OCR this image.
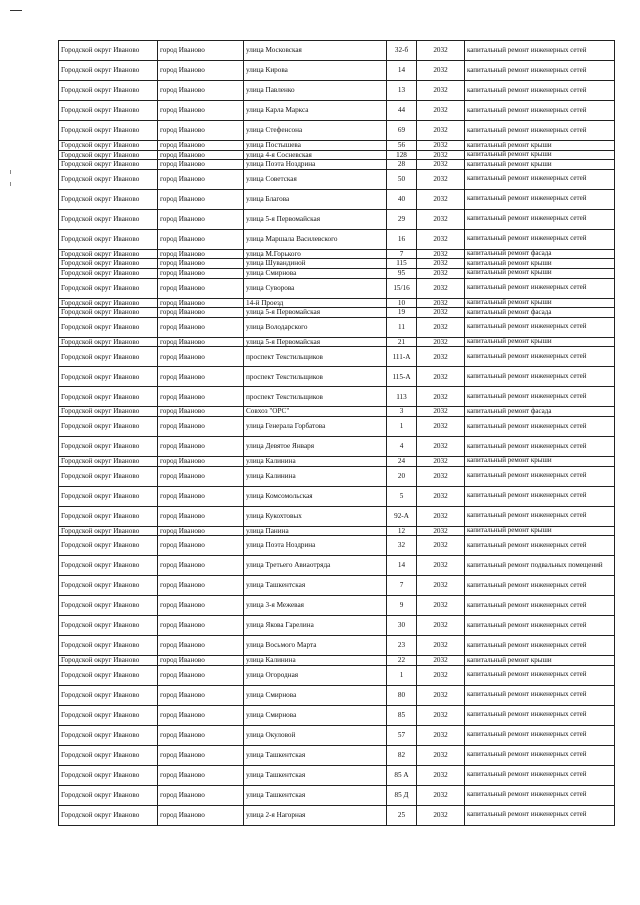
Городской округ Иваново	город Иваново	улица Московская	32-б	2032	капитальный ремонт инженерных сетей
Городской округ Иваново	город Иваново	улица Кирова	14	2032	капитальный ремонт инженерных сетей
Городской округ Иваново	город Иваново	улица Павленко	13	2032	капитальный ремонт инженерных сетей
Городской округ Иваново	город Иваново	улица Карла Маркса	44	2032	капитальный ремонт инженерных сетей
Городской округ Иваново	город Иваново	улица Стефенсона	69	2032	капитальный ремонт инженерных сетей
Городской округ Иваново	город Иваново	улица Постышева	56	2032	капитальный ремонт крыши
Городской округ Иваново	город Иваново	улица 4-я Сосневская	128	2032	капитальный ремонт крыши
Городской округ Иваново	город Иваново	улица Поэта Ноздрина	28	2032	капитальный ремонт крыши
Городской округ Иваново	город Иваново	улица Советская	50	2032	капитальный ремонт инженерных сетей
Городской округ Иваново	город Иваново	улица Благова	40	2032	капитальный ремонт инженерных сетей
Городской округ Иваново	город Иваново	улица 5-я Первомайская	29	2032	капитальный ремонт инженерных сетей
Городской округ Иваново	город Иваново	улица Маршала Василевского	16	2032	капитальный ремонт инженерных сетей
Городской округ Иваново	город Иваново	улица М.Горького	7	2032	капитальный ремонт фасада
Городской округ Иваново	город Иваново	улица Шувандиной	115	2032	капитальный ремонт крыши
Городской округ Иваново	город Иваново	улица Смирнова	95	2032	капитальный ремонт крыши
Городской округ Иваново	город Иваново	улица Суворова	15/16	2032	капитальный ремонт инженерных сетей
Городской округ Иваново	город Иваново	14-й Проезд	10	2032	капитальный ремонт крыши
Городской округ Иваново	город Иваново	улица 5-я Первомайская	19	2032	капитальный ремонт фасада
Городской округ Иваново	город Иваново	улица Володарского	11	2032	капитальный ремонт инженерных сетей
Городской округ Иваново	город Иваново	улица 5-я Первомайская	21	2032	капитальный ремонт крыши
Городской округ Иваново	город Иваново	проспект Текстильщиков	111-А	2032	капитальный ремонт инженерных сетей
Городской округ Иваново	город Иваново	проспект Текстильщиков	115-А	2032	капитальный ремонт инженерных сетей
Городской округ Иваново	город Иваново	проспект Текстильщиков	113	2032	капитальный ремонт инженерных сетей
Городской округ Иваново	город Иваново	Совхоз "ОРС"	3	2032	капитальный ремонт фасада
Городской округ Иваново	город Иваново	улица Генерала Горбатова	1	2032	капитальный ремонт инженерных сетей
Городской округ Иваново	город Иваново	улица Девятое Января	4	2032	капитальный ремонт инженерных сетей
Городской округ Иваново	город Иваново	улица Калинина	24	2032	капитальный ремонт крыши
Городской округ Иваново	город Иваново	улица Калинина	20	2032	капитальный ремонт инженерных сетей
Городской округ Иваново	город Иваново	улица Комсомольская	5	2032	капитальный ремонт инженерных сетей
Городской округ Иваново	город Иваново	улица Кукохтовых	92-А	2032	капитальный ремонт инженерных сетей
Городской округ Иваново	город Иваново	улица Панина	12	2032	капитальный ремонт крыши
Городской округ Иваново	город Иваново	улица Поэта Ноздрина	32	2032	капитальный ремонт инженерных сетей
Городской округ Иваново	город Иваново	улица Третьего Авиаотряда	14	2032	капитальный ремонт подвальных помещений
Городской округ Иваново	город Иваново	улица Ташкентская	7	2032	капитальный ремонт инженерных сетей
Городской округ Иваново	город Иваново	улица 3-я Межевая	9	2032	капитальный ремонт инженерных сетей
Городской округ Иваново	город Иваново	улица Якова Гарелина	30	2032	капитальный ремонт инженерных сетей
Городской округ Иваново	город Иваново	улица Восьмого Марта	23	2032	капитальный ремонт инженерных сетей
Городской округ Иваново	город Иваново	улица Калинина	22	2032	капитальный ремонт крыши
Городской округ Иваново	город Иваново	улица Огородная	1	2032	капитальный ремонт инженерных сетей
Городской округ Иваново	город Иваново	улица Смирнова	80	2032	капитальный ремонт инженерных сетей
Городской округ Иваново	город Иваново	улица Смирнова	85	2032	капитальный ремонт инженерных сетей
Городской округ Иваново	город Иваново	улица Окуловой	57	2032	капитальный ремонт инженерных сетей
Городской округ Иваново	город Иваново	улица Ташкентская	82	2032	капитальный ремонт инженерных сетей
Городской округ Иваново	город Иваново	улица Ташкентская	85 А	2032	капитальный ремонт инженерных сетей
Городской округ Иваново	город Иваново	улица Ташкентская	85 Д	2032	капитальный ремонт инженерных сетей
Городской округ Иваново	город Иваново	улица 2-я Нагорная	25	2032	капитальный ремонт инженерных сетей
